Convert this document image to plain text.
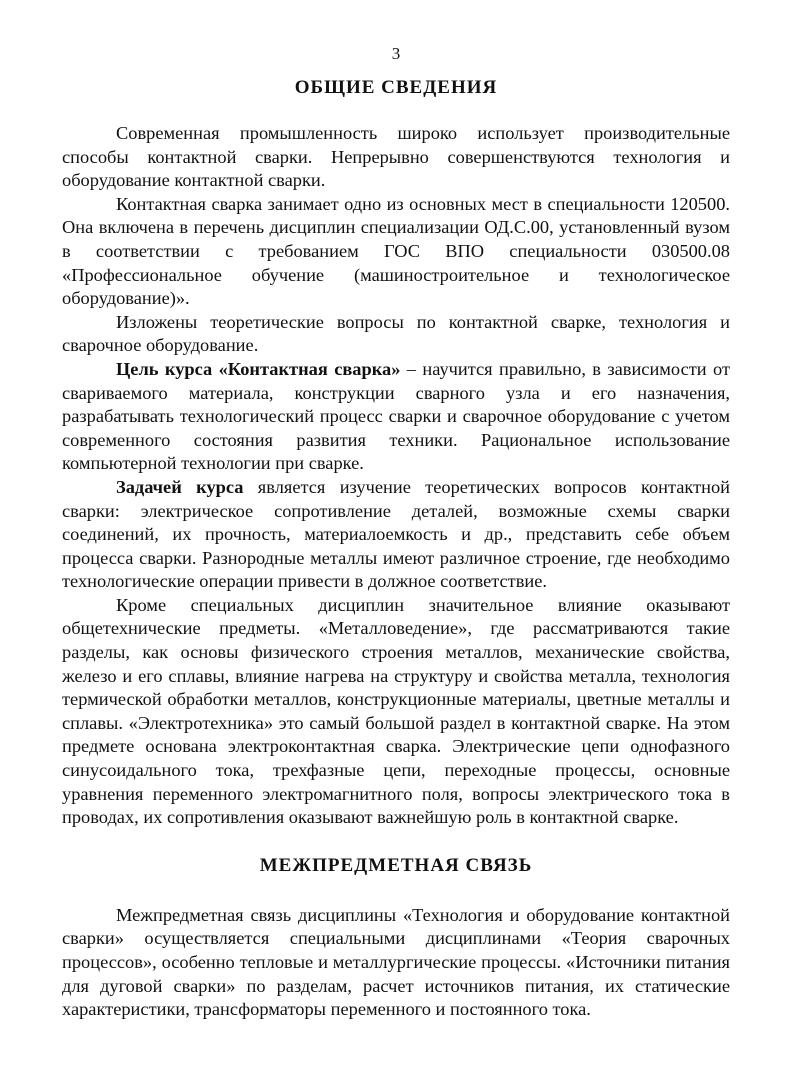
3
ОБЩИЕ СВЕДЕНИЯ

Современная промышленность широко использует производительные способы контактной сварки. Непрерывно совершенствуются технология и оборудование контактной сварки.

Контактная сварка занимает одно из основных мест в специальности 120500. Она включена в перечень дисциплин специализации ОД.С.00, установленный вузом в соответствии с требованием ГОС ВПО специальности 030500.08 «Профессиональное обучение (машиностроительное и технологическое оборудование)».

Изложены теоретические вопросы по контактной сварке, технология и сварочное оборудование.

Цель курса «Контактная сварка» – научится правильно, в зависимости от свариваемого материала, конструкции сварного узла и его назначения, разрабатывать технологический процесс сварки и сварочное оборудование с учетом современного состояния развития техники. Рациональное использование компьютерной технологии при сварке.

Задачей курса является изучение теоретических вопросов контактной сварки: электрическое сопротивление деталей, возможные схемы сварки соединений, их прочность, материалоемкость и др., представить себе объем процесса сварки. Разнородные металлы имеют различное строение, где необходимо технологические операции привести в должное соответствие.

Кроме специальных дисциплин значительное влияние оказывают общетехнические предметы. «Металловедение», где рассматриваются такие разделы, как основы физического строения металлов, механические свойства, железо и его сплавы, влияние нагрева на структуру и свойства металла, технология термической обработки металлов, конструкционные материалы, цветные металлы и сплавы. «Электротехника» это самый большой раздел в контактной сварке. На этом предмете основана электроконтактная сварка. Электрические цепи однофазного синусоидального тока, трехфазные цепи, переходные процессы, основные уравнения переменного электромагнитного поля, вопросы электрического тока в проводах, их сопротивления оказывают важнейшую роль в контактной сварке.

МЕЖПРЕДМЕТНАЯ СВЯЗЬ

Межпредметная связь дисциплины «Технология и оборудование контактной сварки» осуществляется специальными дисциплинами «Теория сварочных процессов», особенно тепловые и металлургические процессы. «Источники питания для дуговой сварки» по разделам, расчет источников питания, их статические характеристики, трансформаторы переменного и постоянного тока.
